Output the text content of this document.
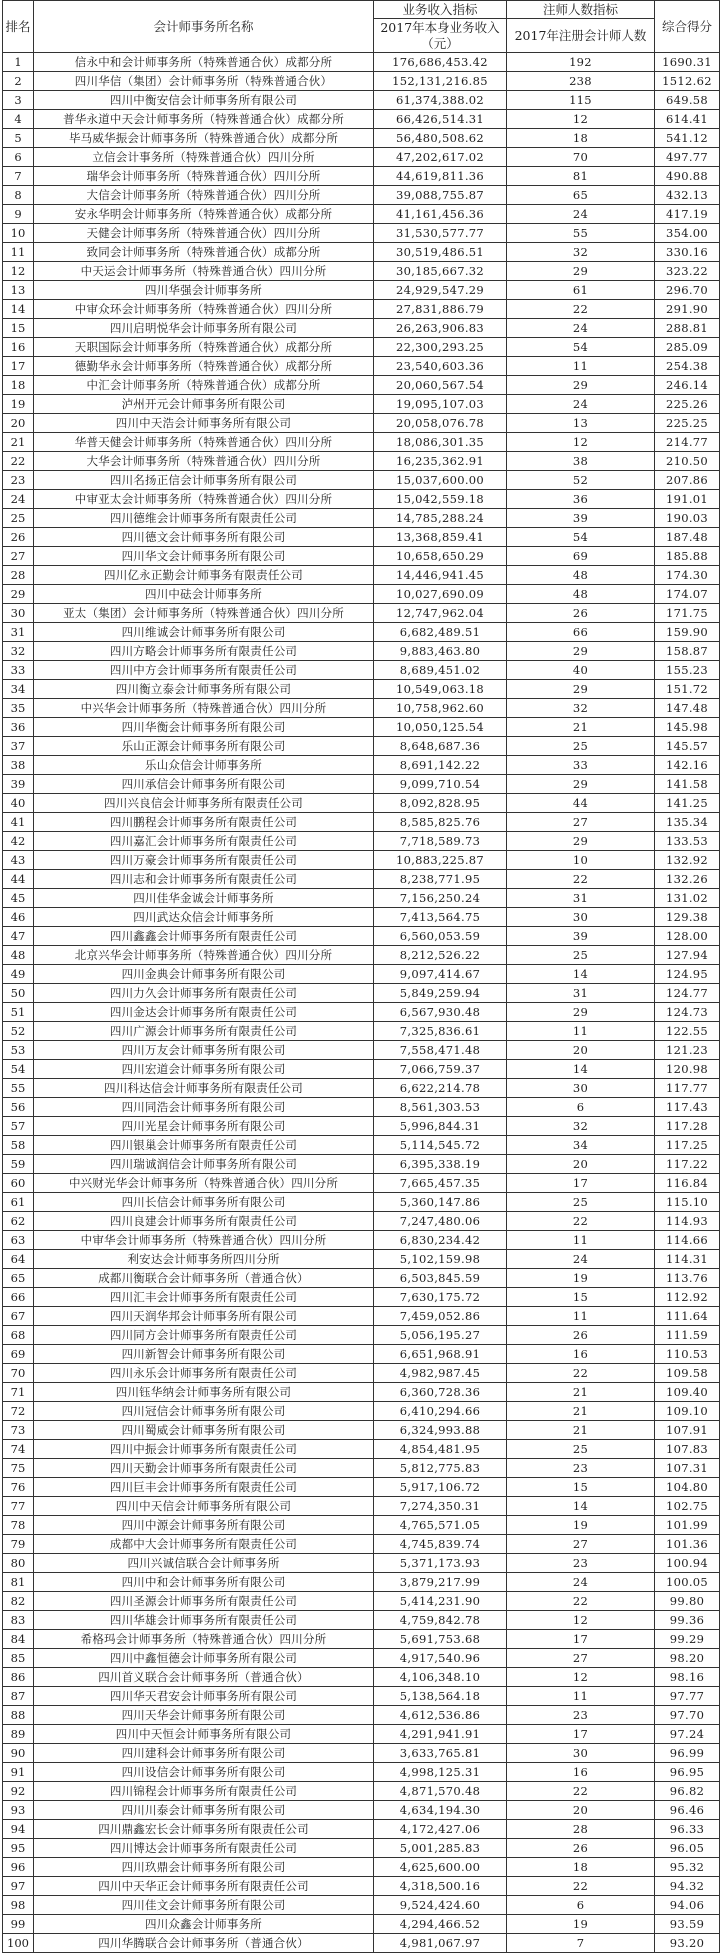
排名	会计师事务所名称	业务收入指标	注师人数指标	综合得分
		2017年本身业务收入（元）	2017年注册会计师人数	
1	信永中和会计师事务所（特殊普通合伙）成都分所	176,686,453.42	192	1690.31
2	四川华信（集团）会计师事务所（特殊普通合伙）	152,131,216.85	238	1512.62
3	四川中衡安信会计师事务所有限公司	61,374,388.02	115	649.58
4	普华永道中天会计师事务所（特殊普通合伙）成都分所	66,426,514.31	12	614.41
5	毕马威华振会计师事务所（特殊普通合伙）成都分所	56,480,508.62	18	541.12
6	立信会计事务所（特殊普通合伙）四川分所	47,202,617.02	70	497.77
7	瑞华会计师事务所（特殊普通合伙）四川分所	44,619,811.36	81	490.88
8	大信会计师事务所（特殊普通合伙）四川分所	39,088,755.87	65	432.13
9	安永华明会计师事务所（特殊普通合伙）成都分所	41,161,456.36	24	417.19
10	天健会计师事务所（特殊普通合伙）四川分所	31,530,577.77	55	354.00
11	致同会计师事务所（特殊普通合伙）成都分所	30,519,486.51	32	330.16
12	中天运会计师事务所（特殊普通合伙）四川分所	30,185,667.32	29	323.22
13	四川华强会计师事务所	24,929,547.29	61	296.70
14	中审众环会计师事务所（特殊普通合伙）四川分所	27,831,886.79	22	291.90
15	四川启明悦华会计师事务所有限公司	26,263,906.83	24	288.81
16	天职国际会计师事务所（特殊普通合伙）成都分所	22,300,293.25	54	285.09
17	德勤华永会计师事务所（特殊普通合伙）成都分所	23,540,603.36	11	254.38
18	中汇会计师事务所（特殊普通合伙）成都分所	20,060,567.54	29	246.14
19	泸州开元会计师事务所有限公司	19,095,107.03	24	225.26
20	四川中天浩会计师事务所有限公司	20,058,076.78	13	225.25
21	华普天健会计师事务所（特殊普通合伙）四川分所	18,086,301.35	12	214.77
22	大华会计师事务所（特殊普通合伙）四川分所	16,235,362.91	38	210.50
23	四川名扬正信会计师事务所有限公司	15,037,600.00	52	207.86
24	中审亚太会计师事务所（特殊普通合伙）四川分所	15,042,559.18	36	191.01
25	四川德维会计师事务所有限责任公司	14,785,288.24	39	190.03
26	四川德文会计师事务所有限公司	13,368,859.41	54	187.48
27	四川华文会计师事务所有限公司	10,658,650.29	69	185.88
28	四川亿永正勤会计师事务有限责任公司	14,446,941.45	48	174.30
29	四川中砝会计师事务所	10,027,690.09	48	174.07
30	亚太（集团）会计师事务所（特殊普通合伙）四川分所	12,747,962.04	26	171.75
31	四川维诚会计师事务所有限公司	6,682,489.51	66	159.90
32	四川方略会计师事务所有限责任公司	9,883,463.80	29	158.87
33	四川中方会计师事务所有限责任公司	8,689,451.02	40	155.23
34	四川衡立泰会计师事务所有限公司	10,549,063.18	29	151.72
35	中兴华会计师事务所（特殊普通合伙）四川分所	10,758,962.60	32	147.48
36	四川华衡会计师事务所有限公司	10,050,125.54	21	145.98
37	乐山正源会计师事务所有限公司	8,648,687.36	25	145.57
38	乐山众信会计师事务所	8,691,142.22	33	142.16
39	四川承信会计师事务所有限公司	9,099,710.54	29	141.58
40	四川兴良信会计师事务所有限责任公司	8,092,828.95	44	141.25
41	四川鹏程会计师事务所有限责任公司	8,585,825.76	27	135.34
42	四川嘉汇会计师事务所有限责任公司	7,718,589.73	29	133.53
43	四川万豪会计师事务所有限责任公司	10,883,225.87	10	132.92
44	四川志和会计师事务所有限责任公司	8,238,771.95	22	132.26
45	四川佳华金诚会计师事务所	7,156,250.24	31	131.02
46	四川武达众信会计师事务所	7,413,564.75	30	129.38
47	四川鑫鑫会计师事务所有限责任公司	6,560,053.59	39	128.00
48	北京兴华会计师事务所（特殊普通合伙）四川分所	8,212,526.22	25	127.94
49	四川金典会计师事务所有限公司	9,097,414.67	14	124.95
50	四川力久会计师事务所有限责任公司	5,849,259.94	31	124.77
51	四川金达会计师事务所有限责任公司	6,567,930.48	29	124.73
52	四川广源会计师事务所有限责任公司	7,325,836.61	11	122.55
53	四川万友会计师事务所有限公司	7,558,471.48	20	121.23
54	四川宏道会计师事务所有限公司	7,066,759.37	14	120.98
55	四川科达信会计师事务所有限责任公司	6,622,214.78	30	117.77
56	四川同浩会计师事务所有限公司	8,561,303.53	6	117.43
57	四川光星会计师事务所有限公司	5,996,844.31	32	117.28
58	四川银巢会计师事务所有限责任公司	5,114,545.72	34	117.25
59	四川瑞诚润信会计师事务所有限公司	6,395,338.19	20	117.22
60	中兴财光华会计师事务所（特殊普通合伙）四川分所	7,665,457.35	17	116.84
61	四川长信会计师事务所有限公司	5,360,147.86	25	115.10
62	四川良建会计师事务所有限责任公司	7,247,480.06	22	114.93
63	中审华会计师事务所（特殊普通合伙）四川分所	6,830,234.42	11	114.66
64	利安达会计师事务所四川分所	5,102,159.98	24	114.31
65	成都川衡联合会计师事务所（普通合伙）	6,503,845.59	19	113.76
66	四川汇丰会计师事务所有限责任公司	7,630,175.72	15	112.92
67	四川天润华邦会计师事务所有限公司	7,459,052.86	11	111.64
68	四川同方会计师事务所有限责任公司	5,056,195.27	26	111.59
69	四川新智会计师事务所有限公司	6,651,968.91	16	110.53
70	四川永乐会计师事务所有限责任公司	4,982,987.45	22	109.58
71	四川钰华纳会计师事务所有限公司	6,360,728.36	21	109.40
72	四川冠信会计师事务所有限公司	6,410,294.66	21	109.10
73	四川蜀威会计师事务所有限公司	6,324,993.88	21	107.91
74	四川中振会计师事务所有限责任公司	4,854,481.95	25	107.83
75	四川天勤会计师事务所有限责任公司	5,812,775.83	23	107.31
76	四川巨丰会计师事务所有限责任公司	5,917,106.72	15	104.80
77	四川中天信会计师事务所有限公司	7,274,350.31	14	102.75
78	四川中源会计师事务所有限公司	4,765,571.05	19	101.99
79	成都中大会计师事务所有限责任公司	4,745,839.74	27	101.36
80	四川兴诚信联合会计师事务所	5,371,173.93	23	100.94
81	四川中和会计师事务所有限公司	3,879,217.99	24	100.05
82	四川圣源会计师事务所有限责任公司	5,414,231.90	22	99.80
83	四川华雄会计师事务所有限责任公司	4,759,842.78	12	99.36
84	希格玛会计师事务所（特殊普通合伙）四川分所	5,691,753.68	17	99.29
85	四川中鑫恒德会计师事务所有限公司	4,917,540.96	27	98.20
86	四川首义联合会计师事务所（普通合伙）	4,106,348.10	12	98.16
87	四川华天君安会计师事务所有限公司	5,138,564.18	11	97.77
88	四川天华会计师事务所有限公司	4,612,536.86	23	97.70
89	四川中天恒会计师事务所有限公司	4,291,941.91	17	97.24
90	四川建科会计师事务所有限公司	3,633,765.81	30	96.99
91	四川设信会计师事务所有限公司	4,998,125.31	16	96.95
92	四川锦程会计师事务所有限责任公司	4,871,570.48	22	96.82
93	四川川泰会计师事务所有限公司	4,634,194.30	20	96.46
94	四川鼎鑫宏长会计师事务所有限责任公司	4,172,427.06	28	96.33
95	四川博达会计师事务所有限责任公司	5,001,285.83	26	96.05
96	四川玖鼎会计师事务所有限公司	4,625,600.00	18	95.32
97	四川中天华正会计师事务所有限责任公司	4,318,500.16	22	94.32
98	四川佳文会计师事务所有限公司	9,524,424.60	6	94.06
99	四川众鑫会计师事务所	4,294,466.52	19	93.59
100	四川华腾联合会计师事务所（普通合伙）	4,981,067.97	7	93.20
